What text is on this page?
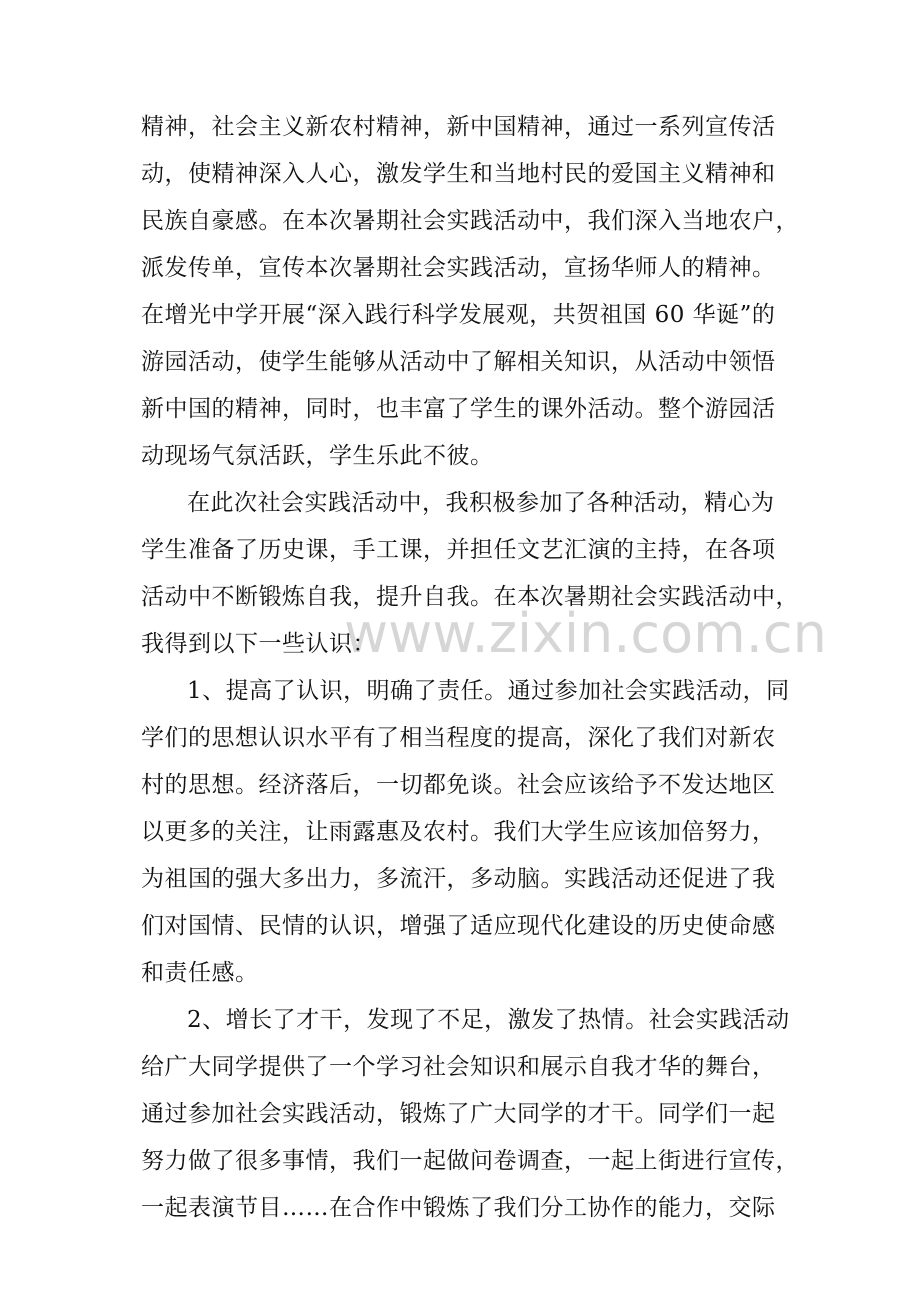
精神，社会主义新农村精神，新中国精神，通过一系列宣传活
动，使精神深入人心，激发学生和当地村民的爱国主义精神和
民族自豪感。在本次暑期社会实践活动中，我们深入当地农户，
派发传单，宣传本次暑期社会实践活动，宣扬华师人的精神。
在增光中学开展“深入践行科学发展观，共贺祖国 60 华诞”的
游园活动，使学生能够从活动中了解相关知识，从活动中领悟
新中国的精神，同时，也丰富了学生的课外活动。整个游园活
动现场气氛活跃，学生乐此不彼。
在此次社会实践活动中，我积极参加了各种活动，精心为
学生准备了历史课，手工课，并担任文艺汇演的主持，在各项
活动中不断锻炼自我，提升自我。在本次暑期社会实践活动中，
我得到以下一些认识：
1、提高了认识，明确了责任。通过参加社会实践活动，同
学们的思想认识水平有了相当程度的提高，深化了我们对新农
村的思想。经济落后，一切都免谈。社会应该给予不发达地区
以更多的关注，让雨露惠及农村。我们大学生应该加倍努力，
为祖国的强大多出力，多流汗，多动脑。实践活动还促进了我
们对国情、民情的认识，增强了适应现代化建设的历史使命感
和责任感。
2、增长了才干，发现了不足，激发了热情。社会实践活动
给广大同学提供了一个学习社会知识和展示自我才华的舞台，
通过参加社会实践活动，锻炼了广大同学的才干。同学们一起
努力做了很多事情，我们一起做问卷调查，一起上街进行宣传，
一起表演节目……在合作中锻炼了我们分工协作的能力，交际
www.zixin.com.cn
